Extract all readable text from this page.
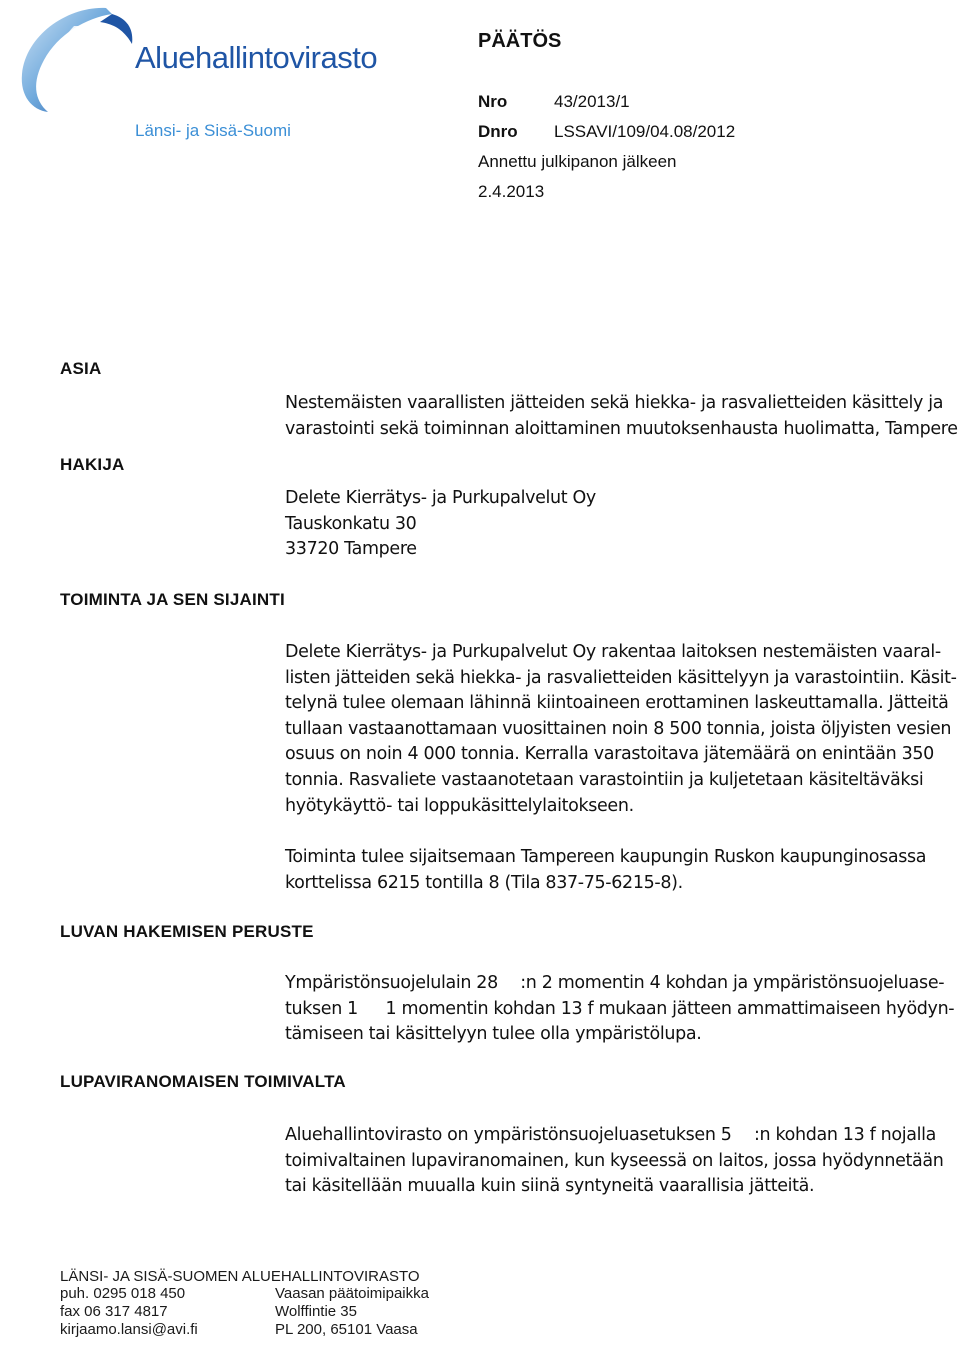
Aluehallintovirasto
Länsi- ja Sisä-Suomi
PÄÄTÖS
Nro	43/2013/1
Dnro LSSAVI/109/04.08/2012
Annettu julkipanon jälkeen
2.4.2013
ASIA
Nestemäisten vaarallisten jätteiden sekä hiekka- ja rasvalietteiden käsittely ja
varastointi sekä toiminnan aloittaminen muutoksenhausta huolimatta, Tampere
HAKIJA
Delete Kierrätys- ja Purkupalvelut Oy
Tauskonkatu 30
33720 Tampere
TOIMINTA JA SEN SIJAINTI
Delete Kierrätys- ja Purkupalvelut Oy rakentaa laitoksen nestemäisten vaaral-
listen jätteiden sekä hiekka- ja rasvalietteiden käsittelyyn ja varastointiin. Käsit-
telynä tulee olemaan lähinnä kiintoaineen erottaminen laskeuttamalla. Jätteitä
tullaan vastaanottamaan vuosittainen noin 8 500 tonnia, joista öljyisten vesien
osuus on noin 4 000 tonnia. Kerralla varastoitava jätemäärä on enintään 350
tonnia. Rasvaliete vastaanotetaan varastointiin ja kuljetetaan käsiteltäväksi
hyötykäyttö- tai loppukäsittelylaitokseen.
Toiminta tulee sijaitsemaan Tampereen kaupungin Ruskon kaupunginosassa
korttelissa 6215 tontilla 8 (Tila 837-75-6215-8).
LUVAN HAKEMISEN PERUSTE
Ympäristönsuojelulain 28  :n 2 momentin 4 kohdan ja ympäristönsuojeluase-
tuksen 1   1 momentin kohdan 13 f mukaan jätteen ammattimaiseen hyödyn-
tämiseen tai käsittelyyn tulee olla ympäristölupa.
LUPAVIRANOMAISEN TOIMIVALTA
Aluehallintovirasto on ympäristönsuojeluasetuksen 5  :n kohdan 13 f nojalla
toimivaltainen lupaviranomainen, kun kyseessä on laitos, jossa hyödynnetään
tai käsitellään muualla kuin siinä syntyneitä vaarallisia jätteitä.
LÄNSI- JA SISÄ-SUOMEN ALUEHALLINTOVIRASTO
puh. 0295 018 450
fax 06 317 4817
kirjaamo.lansi@avi.fi
Vaasan päätoimipaikka
Wolffintie 35
PL 200, 65101 Vaasa
